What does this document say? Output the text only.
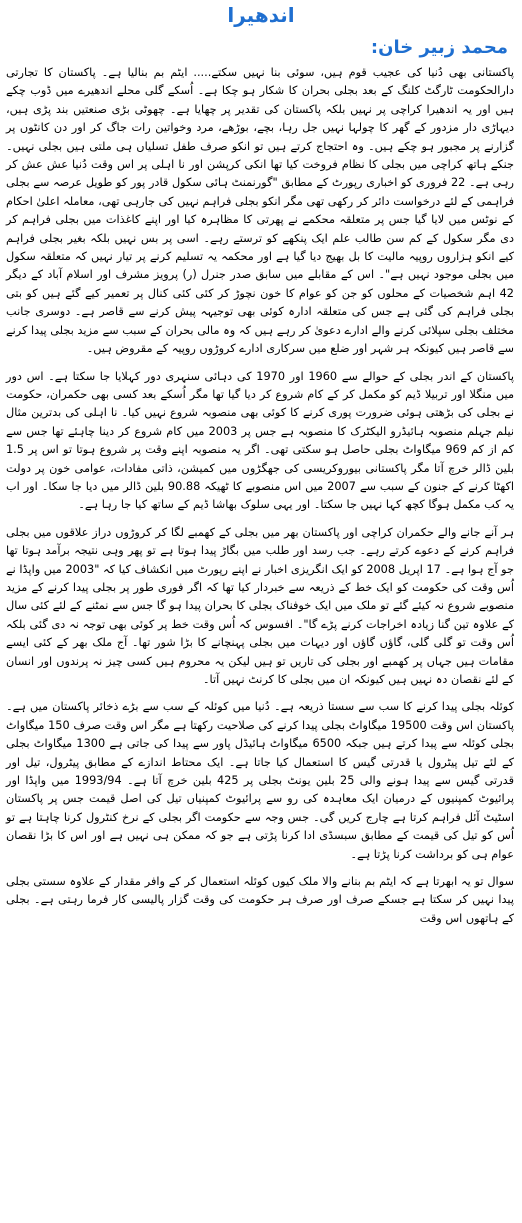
اندھیرا
محمد زبیر خان:

پاکستانی بھی دُنیا کی عجیب قوم ہیں، سوئی بنا نہیں سکتے..... ایٹم بم بنالیا ہے۔ پاکستان کا تجارتی دارالحکومت ٹارگٹ کلنگ کے بعد بجلی بحران کا شکار ہو چکا ہے۔ اُسکے گلی محلے اندھیرے میں ڈوب چکے ہیں اور یہ اندھیرا کراچی پر نہیں بلکہ پاکستان کی تقدیر پر چھایا ہے۔ چھوٹی بڑی صنعتیں بند پڑی ہیں، دیہاڑی دار مزدور کے گھر کا چولہا نہیں جل رہا، بچے، بوڑھے، مرد وخواتین رات جاگ کر اور دن کانٹوں پر گزارنے پر مجبور ہو چکے ہیں۔ وہ احتجاج کرتے ہیں تو انکو صرف طفل تسلیاں ہی ملتی ہیں بجلی نہیں۔ جنکے ہاتھ کراچی میں بجلی کا نظام فروخت کیا تھا انکی کرپشن اور نا اہلی پر اس وقت دُنیا عش عش کر رہی ہے۔ 22 فروری کو اخباری رپورٹ کے مطابق "گورنمنٹ ہائی سکول قادر پور کو طویل عرصہ سے بجلی فراہمی کے لئے درخواست دائر کر رکھی تھی مگر انکو بجلی فراہم نہیں کی جارہی تھی، معاملہ اعلیٰ احکام کے نوٹس میں لایا گیا جس پر متعلقہ محکمے نے پھرتی کا مظاہرہ کیا اور اپنے کاغذات میں بجلی فراہم کر دی مگر سکول کے کم سن طالب علم ایک پنکھے کو ترستے رہے۔ اسی پر بس نہیں بلکہ بغیر بجلی فراہم کیے انکو ہزاروں روپیہ مالیت کا بل بھیج دیا گیا ہے اور محکمہ یہ تسلیم کرنے پر تیار نہیں کہ متعلقہ سکول میں بجلی موجود نہیں ہے"۔ اس کے مقابلے میں سابق صدر جنرل (ر) پرویز مشرف اور اسلام آباد کے دیگر 42 اہم شخصیات کے محلوں کو جن کو عوام کا خون نچوڑ کر کئی کئی کنال پر تعمیر کیے گئے ہیں کو بتی بجلی فراہم کی گئی ہے جس کی متعلقہ ادارہ کوئی بھی توجیہہ پیش کرنے سے قاصر ہے۔ دوسری جانب مختلف بجلی سپلائی کرنے والے ادارے دعویٰ کر رہے ہیں کہ وہ مالی بحران کے سبب سے مزید بجلی پیدا کرنے سے قاصر ہیں کیونکہ ہر شہر اور ضلع میں سرکاری ادارے کروڑوں روپیہ کے مقروض ہیں۔

پاکستان کے اندر بجلی کے حوالے سے 1960 اور 1970 کی دہائی سنہری دور کہلایا جا سکتا ہے۔ اس دور میں منگلا اور تربیلا ڈیم کو مکمل کر کے کام شروع کر دیا گیا تھا مگر اُسکے بعد کسی بھی حکمران، حکومت نے بجلی کی بڑھتی ہوئی ضرورت پوری کرنے کا کوئی بھی منصوبہ شروع نہیں کیا۔ نا اہلی کی بدترین مثال نیلم جہلم منصوبہ ہائیڈرو الیکٹرک کا منصوبہ ہے جس پر 2003 میں کام شروع کر دینا چاہئے تھا جس سے کم از کم 969 میگاواٹ بجلی حاصل ہو سکتی تھی۔ اگر یہ منصوبہ اپنے وقت پر شروع ہوتا تو اس پر 1.5 بلین ڈالر خرچ آتا مگر پاکستانی بیوروکریسی کی جھگڑوں میں کمیشن، ذاتی مفادات، عوامی خون پر دولت اکھٹا کرنے کے جنون کے سبب سے 2007 میں اس منصوبے کا ٹھیکہ 90.88 بلین ڈالر میں دیا جا سکا۔ اور اب یہ کب مکمل ہوگا کچھ کہا نہیں جا سکتا۔ اور یہی سلوک بھاشا ڈیم کے ساتھ کیا جا رہا ہے۔

ہر آنے جانے والے حکمران کراچی اور پاکستان بھر میں بجلی کے کھمبے لگا کر کروڑوں دراز علاقوں میں بجلی فراہم کرنے کے دعوے کرتے رہے۔ جب رسد اور طلب میں بگاڑ پیدا ہوتا ہے تو پھر وہی نتیجہ برآمد ہوتا تھا جو آج ہوا ہے۔ 17 اپریل 2008 کو ایک انگریزی اخبار نے اپنے رپورٹ میں انکشاف کیا کہ "2003 میں واپڈا نے اُس وقت کی حکومت کو ایک خط کے ذریعہ سے خبردار کیا تھا کہ اگر فوری طور پر بجلی پیدا کرنے کے مزید منصوبے شروع نہ کیئے گئے تو ملک میں ایک خوفناک بجلی کا بحران پیدا ہو گا جس سے نمٹنے کے لئے کئی سال کے علاوہ تین گنا زیادہ اخراجات کرنے پڑے گا"۔ افسوس کہ اُس وقت خط پر کوئی بھی توجہ نہ دی گئی بلکہ اُس وقت تو گلی گلی، گاؤں گاؤں اور دیہات میں بجلی پہنچانے کا بڑا شور تھا۔ آج ملک بھر کے کئی ایسے مقامات ہیں جہاں پر کھمبے اور بجلی کی تاریں تو ہیں لیکن یہ محروم ہیں کسی چیز نہ پرندوں اور انسان کے لئے نقصان دہ نہیں ہیں کیونکہ ان میں بجلی کا کرنٹ نہیں آتا۔

کوئلہ بجلی پیدا کرنے کا سب سے سستا ذریعہ ہے۔ دُنیا میں کوئلہ کے سب سے بڑے ذخائر پاکستان میں ہے۔ پاکستان اس وقت 19500 میگاواٹ بجلی پیدا کرنے کی صلاحیت رکھتا ہے مگر اس وقت صرف 150 میگاواٹ بجلی کوئلہ سے پیدا کرتے ہیں جبکہ 6500 میگاواٹ ہائیڈل پاور سے پیدا کی جاتی ہے 1300 میگاواٹ بجلی کے لئے تیل پیٹرول یا قدرتی گیس کا استعمال کیا جاتا ہے۔ ایک محتاط اندازے کے مطابق پیٹرول، تیل اور قدرتی گیس سے پیدا ہونے والی 25 بلین یونٹ بجلی پر 425 بلین خرچ آتا ہے۔ 1993/94 میں واپڈا اور پرائیوٹ کمپنیوں کے درمیان ایک معاہدہ کی رو سے پرائیوٹ کمپنیاں تیل کی اصل قیمت جس پر پاکستان اسٹیٹ آئل فراہم کرتا ہے چارج کریں گی۔ جس وجہ سے حکومت اگر بجلی کے نرخ کنٹرول کرنا چاہتا ہے تو اُس کو تیل کی قیمت کے مطابق سبسڈی ادا کرنا پڑتی ہے جو کہ ممکن ہی نہیں ہے اور اس کا بڑا نقصان عوام ہی کو برداشت کرنا پڑتا ہے۔

سوال تو یہ ابھرتا ہے کہ ایٹم بم بنانے والا ملک کیوں کوئلہ استعمال کر کے وافر مقدار کے علاوہ سستی بجلی پیدا نہیں کر سکتا ہے جسکے صرف اور صرف ہر حکومت کی وقت گزار پالیسی کار فرما رہتی ہے۔ بجلی کے ہاتھوں اس وقت
